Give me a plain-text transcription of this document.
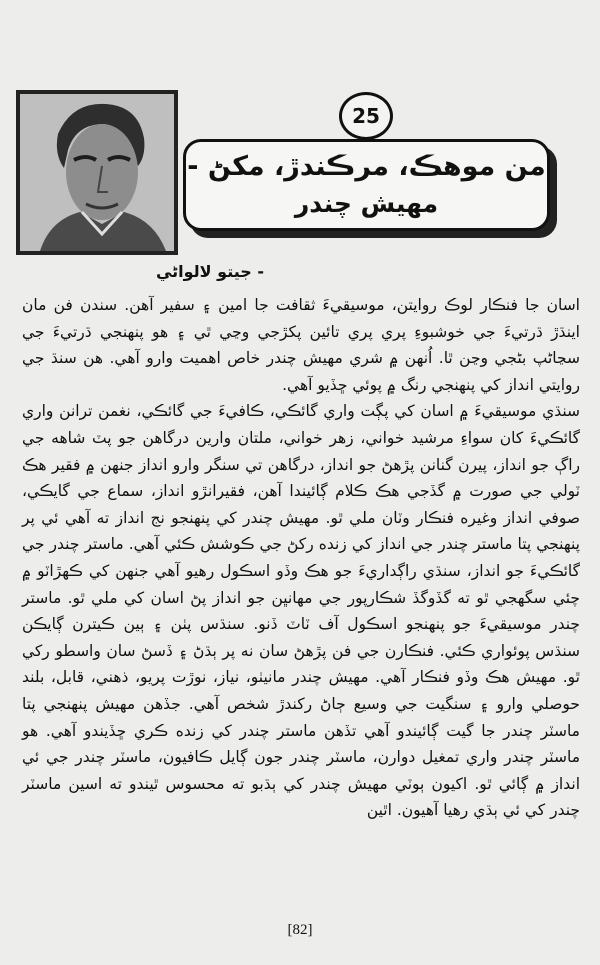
25
من موهڪ، مرڪندڙ، مکڻ -
مهيش چندر
- جيتو لالواڻي

اسان جا فنڪار لوڪ روايتن، موسيقيءَ ثقافت جا امين ۽ سفير آهن. سندن فن مان اينڌڙ ڌرتيءَ جي خوشبوءِ پري پري تائين پکڙجي وڃي ٿي ۽ هو پنهنجي ڌرتيءَ جي سڃاڻپ بڻجي وڃن ٿا. اُنهن ۾ شري مهيش چندر خاص اهميت وارو آهي. هن سنڌ جي روايتي انداز کي پنهنجي رنگ ۾ پوئي ڇڏيو آهي.

سنڌي موسيقيءَ ۾ اسان کي پڳت واري گائڪي، ڪافيءَ جي گائڪي، نغمن ترانن واري گائڪيءَ کان سواءِ مرشيد خواني، زهر خواني، ملتان وارين درگاهن جو پٽ شاهه جي راڳ جو انداز، پيرن گنانن پڙهڻ جو انداز، درگاهن تي سنگر وارو انداز جنهن ۾ فقير هڪ ٽولي جي صورت ۾ گڏجي هڪ ڪلام ڳائيندا آهن، فقيرانڙو انداز، سماع جي گايڪي، صوفي انداز وغيره فنڪار وٽان ملي ٿو. مهيش چندر کي پنهنجو نج انداز ته آهي ئي پر پنهنجي پتا ماستر چندر جي انداز کي زنده رکڻ جي ڪوشش ڪئي آهي. ماستر چندر جي گائڪيءَ جو انداز، سنڌي راڳداريءَ جو هڪ وڏو اسڪول رهيو آهي جنهن کي ڪهڙاٽو ۾ چئي سگهجي ٿو ته گڏوگڏ شڪارپور جي مهانڀن جو انداز پڻ اسان کي ملي ٿو. ماستر چندر موسيقيءَ جو پنهنجو اسڪول آف ٽاٽ ڏنو. سنڌس پٺن ۽ ٻين ڪيترن ڳايڪن سنڌس پوئواري ڪئي. فنڪارن جي فن پڙهڻ سان نه پر ٻڌڻ ۽ ڏسڻ سان واسطو رکي ٿو. مهيش هڪ وڏو فنڪار آهي. مهيش چندر مانيٺو، نياز، نوڙت پريو، ذهني، قابل، بلند حوصلي وارو ۽ سنگيت جي وسيع ڄاڻ رکندڙ شخص آهي. جڏهن مهيش پنهنجي پتا ماسٽر چندر جا گيت ڳائيندو آهي تڏهن ماستر چندر کي زنده ڪري ڇڏيندو آهي. هو ماسٽر چندر واري تمغيل دوارن، ماسٽر چندر جون ڳايل ڪافيون، ماسٽر چندر جي ئي انداز ۾ ڳائي ٿو. اکيون ٻوٽي مهيش چندر کي ٻڌبو ته محسوس ٿيندو ته اسين ماسٽر چندر کي ئي ٻڌي رهيا آهيون. اٿين

[82]
